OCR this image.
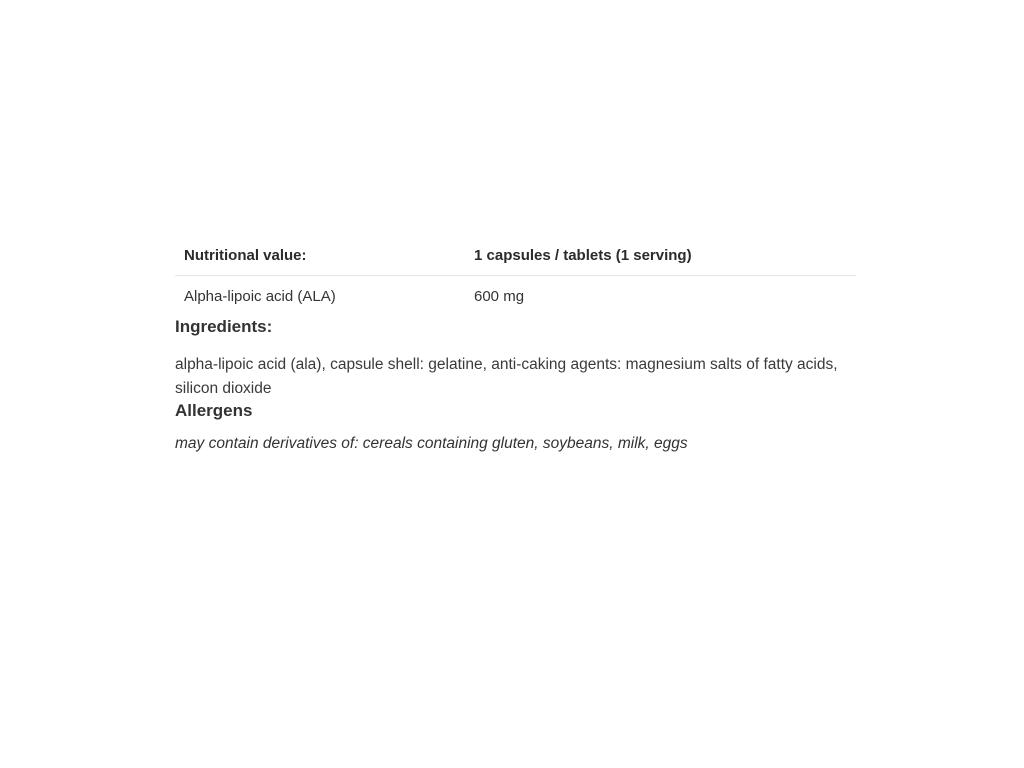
Nutritional value:	1 capsules / tablets (1 serving)
Alpha-lipoic acid (ALA)	600 mg
Ingredients:

alpha-lipoic acid (ala), capsule shell: gelatine, anti-caking agents: magnesium salts of fatty acids, silicon dioxide

Allergens

may contain derivatives of: cereals containing gluten, soybeans, milk, eggs
